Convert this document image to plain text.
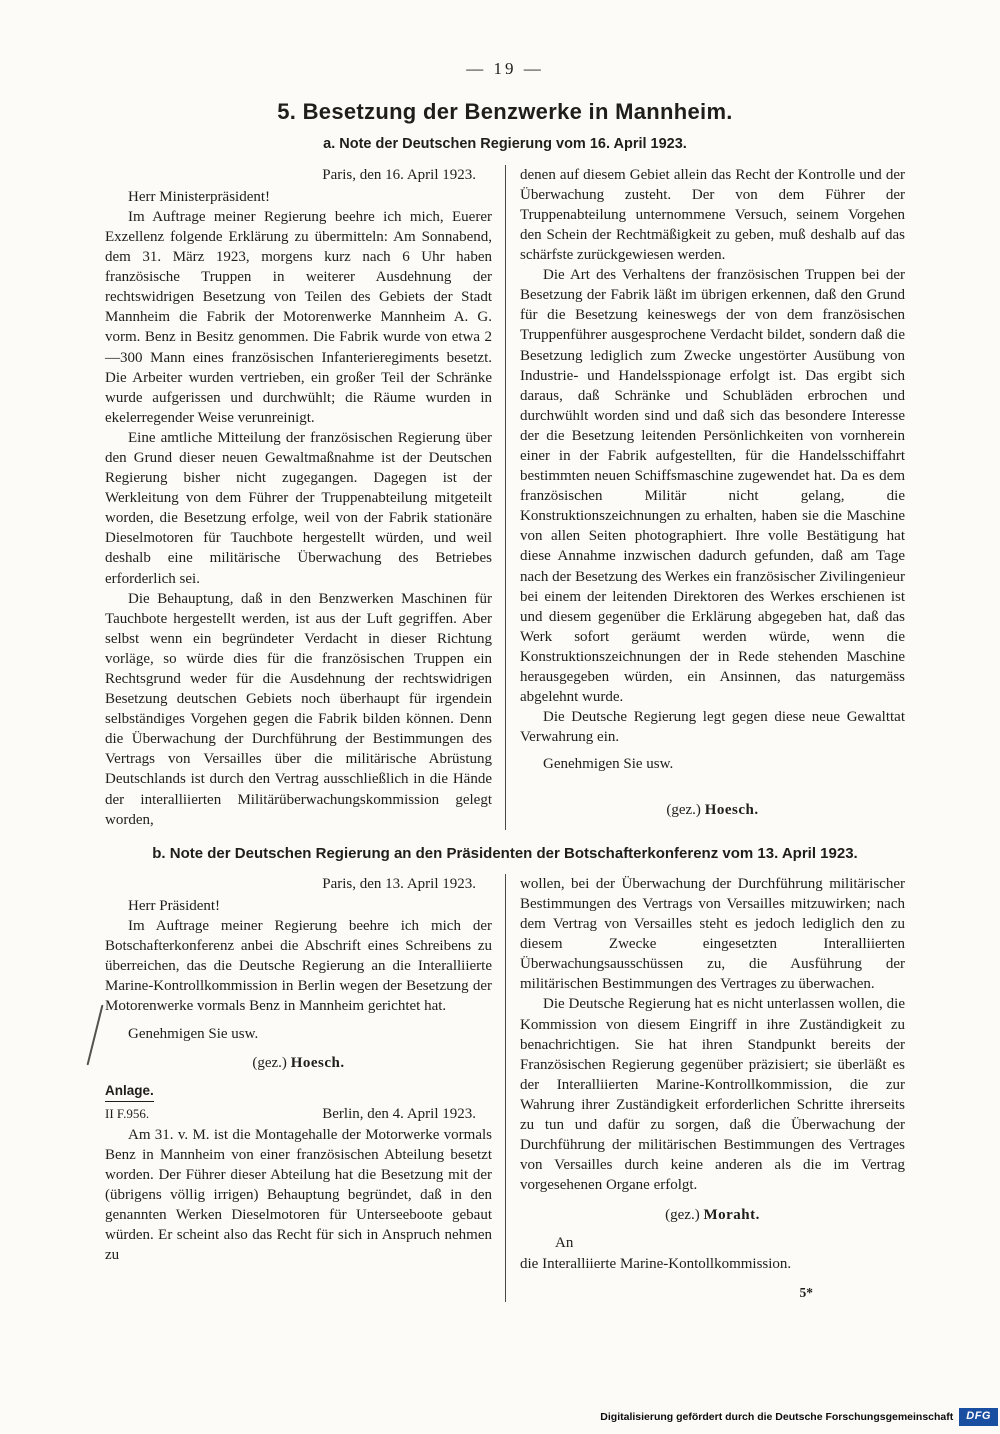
— 19 —
5. Besetzung der Benzwerke in Mannheim.
a. Note der Deutschen Regierung vom 16. April 1923.

Paris, den 16. April 1923.

Herr Ministerpräsident!

Im Auftrage meiner Regierung beehre ich mich, Euerer Exzellenz folgende Erklärung zu übermitteln: Am Sonnabend, dem 31. März 1923, morgens kurz nach 6 Uhr haben französische Truppen in weiterer Ausdehnung der rechtswidrigen Besetzung von Teilen des Gebiets der Stadt Mannheim die Fabrik der Motorenwerke Mannheim A. G. vorm. Benz in Besitz genommen. Die Fabrik wurde von etwa 2—300 Mann eines französischen Infanterieregiments besetzt. Die Arbeiter wurden vertrieben, ein großer Teil der Schränke wurde aufgerissen und durchwühlt; die Räume wurden in ekelerregender Weise verunreinigt.

Eine amtliche Mitteilung der französischen Regierung über den Grund dieser neuen Gewaltmaßnahme ist der Deutschen Regierung bisher nicht zugegangen. Dagegen ist der Werkleitung von dem Führer der Truppenabteilung mitgeteilt worden, die Besetzung erfolge, weil von der Fabrik stationäre Dieselmotoren für Tauchbote hergestellt würden, und weil deshalb eine militärische Überwachung des Betriebes erforderlich sei.

Die Behauptung, daß in den Benzwerken Maschinen für Tauchbote hergestellt werden, ist aus der Luft gegriffen. Aber selbst wenn ein begründeter Verdacht in dieser Richtung vorläge, so würde dies für die französischen Truppen ein Rechtsgrund weder für die Ausdehnung der rechtswidrigen Besetzung deutschen Gebiets noch überhaupt für irgendein selbständiges Vorgehen gegen die Fabrik bilden können. Denn die Überwachung der Durchführung der Bestimmungen des Vertrags von Versailles über die militärische Abrüstung Deutschlands ist durch den Vertrag ausschließlich in die Hände der interalliierten Militärüberwachungskommission gelegt worden,

denen auf diesem Gebiet allein das Recht der Kontrolle und der Überwachung zusteht. Der von dem Führer der Truppenabteilung unternommene Versuch, seinem Vorgehen den Schein der Rechtmäßigkeit zu geben, muß deshalb auf das schärfste zurückgewiesen werden.

Die Art des Verhaltens der französischen Truppen bei der Besetzung der Fabrik läßt im übrigen erkennen, daß den Grund für die Besetzung keineswegs der von dem französischen Truppenführer ausgesprochene Verdacht bildet, sondern daß die Besetzung lediglich zum Zwecke ungestörter Ausübung von Industrie- und Handelsspionage erfolgt ist. Das ergibt sich daraus, daß Schränke und Schubläden erbrochen und durchwühlt worden sind und daß sich das besondere Interesse der die Besetzung leitenden Persönlichkeiten von vornherein einer in der Fabrik aufgestellten, für die Handelsschiffahrt bestimmten neuen Schiffsmaschine zugewendet hat. Da es dem französischen Militär nicht gelang, die Konstruktionszeichnungen zu erhalten, haben sie die Maschine von allen Seiten photographiert. Ihre volle Bestätigung hat diese Annahme inzwischen dadurch gefunden, daß am Tage nach der Besetzung des Werkes ein französischer Zivilingenieur bei einem der leitenden Direktoren des Werkes erschienen ist und diesem gegenüber die Erklärung abgegeben hat, daß das Werk sofort geräumt werden würde, wenn die Konstruktionszeichnungen der in Rede stehenden Maschine herausgegeben würden, ein Ansinnen, das naturgemäss abgelehnt wurde.

Die Deutsche Regierung legt gegen diese neue Gewalttat Verwahrung ein.

Genehmigen Sie usw.

(gez.) Hoesch.

b. Note der Deutschen Regierung an den Präsidenten der Botschafterkonferenz vom 13. April 1923.

Paris, den 13. April 1923.

Herr Präsident!

Im Auftrage meiner Regierung beehre ich mich der Botschafterkonferenz anbei die Abschrift eines Schreibens zu überreichen, das die Deutsche Regierung an die Interalliierte Marine-Kontrollkommission in Berlin wegen der Besetzung der Motorenwerke vormals Benz in Mannheim gerichtet hat.

Genehmigen Sie usw.

(gez.) Hoesch.

Anlage.

II F.956.	Berlin, den 4. April 1923.

Am 31. v. M. ist die Montagehalle der Motorwerke vormals Benz in Mannheim von einer französischen Abteilung besetzt worden. Der Führer dieser Abteilung hat die Besetzung mit der (übrigens völlig irrigen) Behauptung begründet, daß in den genannten Werken Dieselmotoren für Unterseeboote gebaut würden. Er scheint also das Recht für sich in Anspruch nehmen zu

wollen, bei der Überwachung der Durchführung militärischer Bestimmungen des Vertrags von Versailles mitzuwirken; nach dem Vertrag von Versailles steht es jedoch lediglich den zu diesem Zwecke eingesetzten Interalliierten Überwachungsausschüssen zu, die Ausführung der militärischen Bestimmungen des Vertrages zu überwachen.

Die Deutsche Regierung hat es nicht unterlassen wollen, die Kommission von diesem Eingriff in ihre Zuständigkeit zu benachrichtigen. Sie hat ihren Standpunkt bereits der Französischen Regierung gegenüber präzisiert; sie überläßt es der Interalliierten Marine-Kontrollkommission, die zur Wahrung ihrer Zuständigkeit erforderlichen Schritte ihrerseits zu tun und dafür zu sorgen, daß die Überwachung der Durchführung der militärischen Bestimmungen des Vertrages von Versailles durch keine anderen als die im Vertrag vorgesehenen Organe erfolgt.

(gez.) Moraht.

An

die Interalliierte Marine-Kontollkommission.

5*

Digitalisierung gefördert durch die Deutsche Forschungsgemeinschaft	DFG
